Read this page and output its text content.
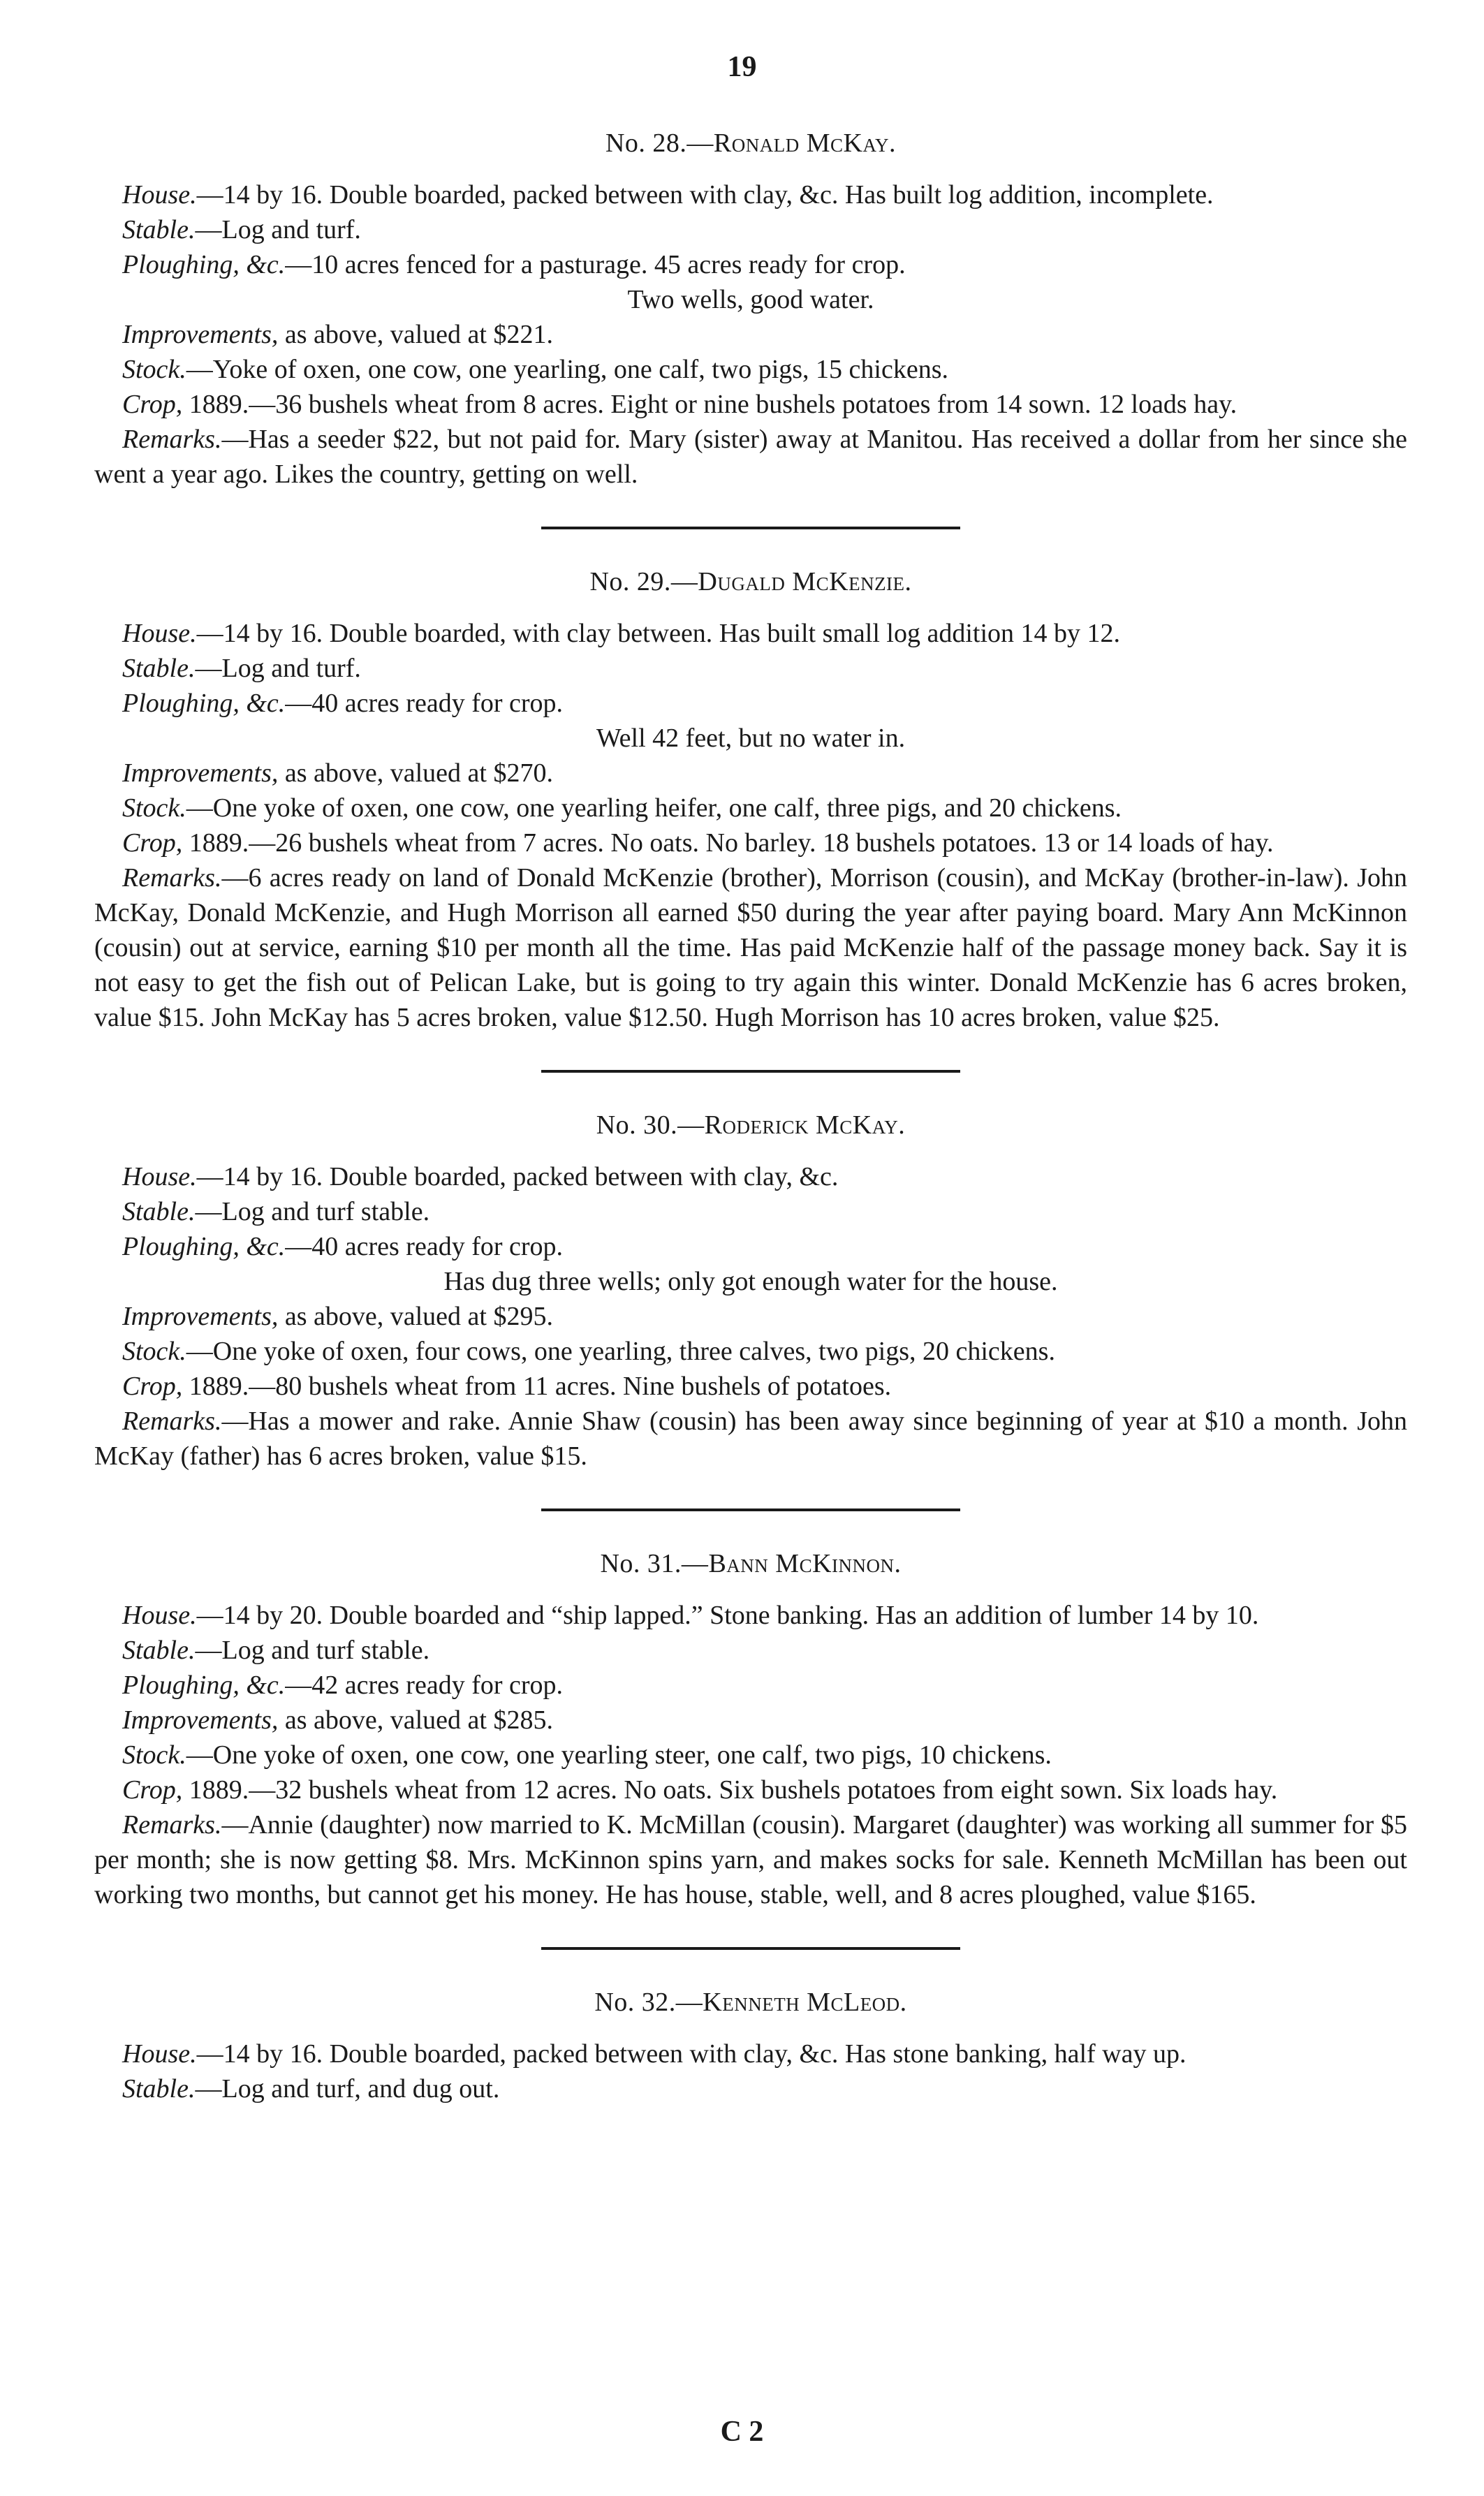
19
No. 28.—Ronald McKay.

House.—14 by 16. Double boarded, packed between with clay, &c. Has built log addition, incomplete.

Stable.—Log and turf.

Ploughing, &c.—10 acres fenced for a pasturage. 45 acres ready for crop.

Two wells, good water.

Improvements, as above, valued at $221.

Stock.—Yoke of oxen, one cow, one yearling, one calf, two pigs, 15 chickens.

Crop, 1889.—36 bushels wheat from 8 acres. Eight or nine bushels potatoes from 14 sown. 12 loads hay.

Remarks.—Has a seeder $22, but not paid for. Mary (sister) away at Manitou. Has received a dollar from her since she went a year ago. Likes the country, getting on well.

No. 29.—Dugald McKenzie.

House.—14 by 16. Double boarded, with clay between. Has built small log addition 14 by 12.

Stable.—Log and turf.

Ploughing, &c.—40 acres ready for crop.

Well 42 feet, but no water in.

Improvements, as above, valued at $270.

Stock.—One yoke of oxen, one cow, one yearling heifer, one calf, three pigs, and 20 chickens.

Crop, 1889.—26 bushels wheat from 7 acres. No oats. No barley. 18 bushels potatoes. 13 or 14 loads of hay.

Remarks.—6 acres ready on land of Donald McKenzie (brother), Morrison (cousin), and McKay (brother-in-law). John McKay, Donald McKenzie, and Hugh Morrison all earned $50 during the year after paying board. Mary Ann McKinnon (cousin) out at service, earning $10 per month all the time. Has paid McKenzie half of the passage money back. Say it is not easy to get the fish out of Pelican Lake, but is going to try again this winter. Donald McKenzie has 6 acres broken, value $15. John McKay has 5 acres broken, value $12.50. Hugh Morrison has 10 acres broken, value $25.

No. 30.—Roderick McKay.

House.—14 by 16. Double boarded, packed between with clay, &c.

Stable.—Log and turf stable.

Ploughing, &c.—40 acres ready for crop.

Has dug three wells; only got enough water for the house.

Improvements, as above, valued at $295.

Stock.—One yoke of oxen, four cows, one yearling, three calves, two pigs, 20 chickens.

Crop, 1889.—80 bushels wheat from 11 acres. Nine bushels of potatoes.

Remarks.—Has a mower and rake. Annie Shaw (cousin) has been away since beginning of year at $10 a month. John McKay (father) has 6 acres broken, value $15.

No. 31.—Bann McKinnon.

House.—14 by 20. Double boarded and “ship lapped.” Stone banking. Has an addition of lumber 14 by 10.

Stable.—Log and turf stable.

Ploughing, &c.—42 acres ready for crop.

Improvements, as above, valued at $285.

Stock.—One yoke of oxen, one cow, one yearling steer, one calf, two pigs, 10 chickens.

Crop, 1889.—32 bushels wheat from 12 acres. No oats. Six bushels potatoes from eight sown. Six loads hay.

Remarks.—Annie (daughter) now married to K. McMillan (cousin). Margaret (daughter) was working all summer for $5 per month; she is now getting $8. Mrs. McKinnon spins yarn, and makes socks for sale. Kenneth McMillan has been out working two months, but cannot get his money. He has house, stable, well, and 8 acres ploughed, value $165.

No. 32.—Kenneth McLeod.

House.—14 by 16. Double boarded, packed between with clay, &c. Has stone banking, half way up.

Stable.—Log and turf, and dug out.

C 2
